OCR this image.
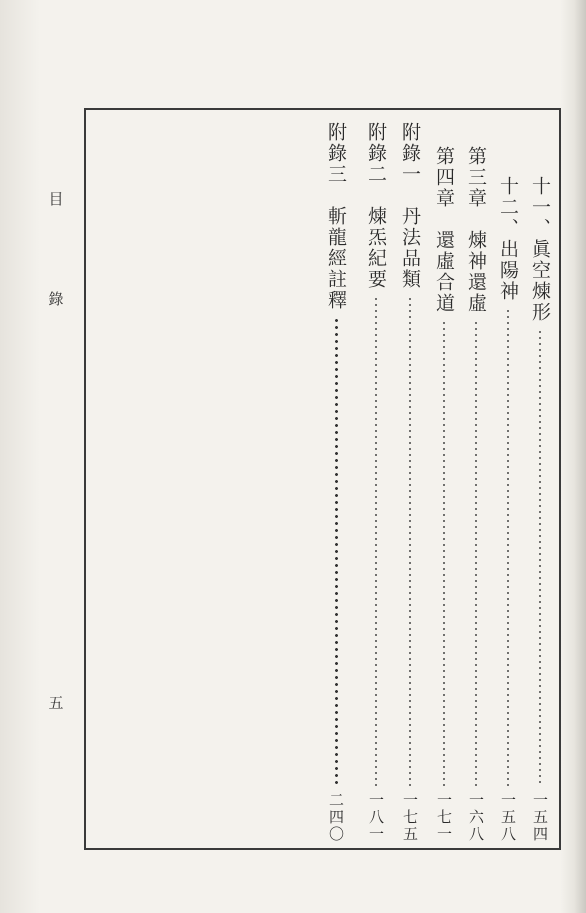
目
錄
五
十一、眞空煉形
一五四
十二、出陽神
一五八
第三章　煉神還虛
一六八
第四章　還虛合道
一七一
附錄一　丹法品類
一七五
附錄二　煉炁紀要
一八一
附錄三　斬龍經註釋
二四〇
